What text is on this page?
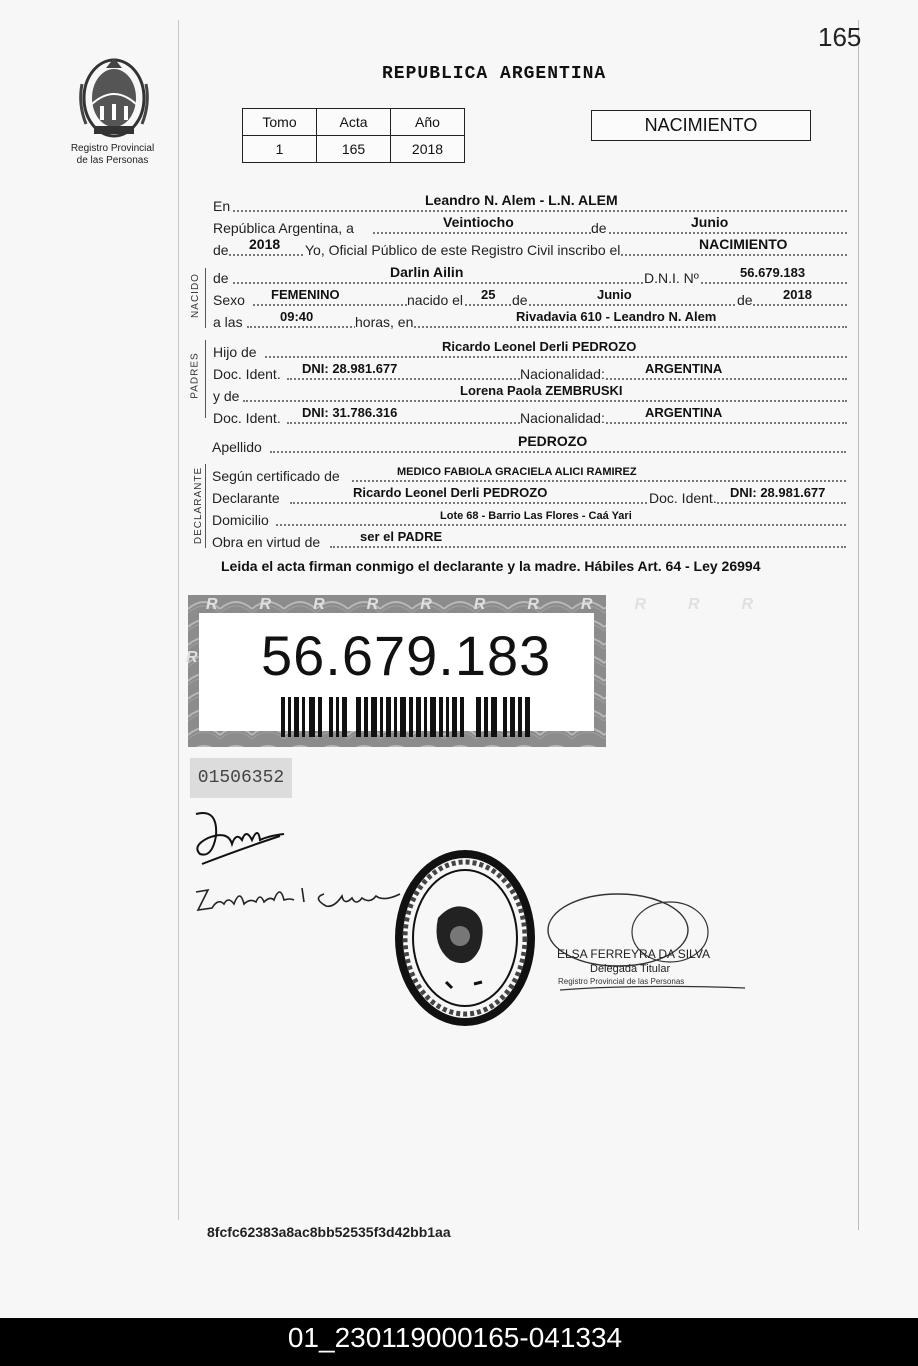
165
Registro Provincial
de las Personas
REPUBLICA ARGENTINA
Tomo	Acta	Año
1	165	2018
NACIMIENTO
En	Leandro N. Alem - L.N. ALEM
República Argentina, a	Veintiocho	de	Junio
de 2018 Yo, Oficial Público de este Registro Civil inscribo el	NACIMIENTO
NACIDO de	Darlin Ailin	D.N.I. Nº	56.679.183
Sexo FEMENINO	nacido el 25 de	Junio	de 2018
a las	09:40	horas, en	Rivadavia 610 - Leandro N. Alem
PADRES
Hijo de	Ricardo Leonel Derli PEDROZO
Doc. Ident. DNI: 28.981.677	Nacionalidad:	ARGENTINA
y de	Lorena Paola ZEMBRUSKI
Doc. Ident. DNI: 31.786.316	Nacionalidad:	ARGENTINA
Apellido	PEDROZO
DECLARANTE Según certificado de	MEDICO FABIOLA GRACIELA ALICI RAMIREZ
Declarante	Ricardo Leonel Derli PEDROZO	Doc. Ident. DNI: 28.981.677
Domicilio	Lote 68 - Barrio Las Flores - Caá Yari
Obra en virtud de	ser el PADRE
Leida el acta firman conmigo el declarante y la madre. Hábiles Art. 64 - Ley 26994
RRRRRRRRRRR
R 56.679.183
01506352
ELSA FERREYRA DA SILVA
Delegada Titular
Registro Provincial de las Personas
8fcfc62383a8ac8bb52535f3d42bb1aa
01_230119000165-041334
